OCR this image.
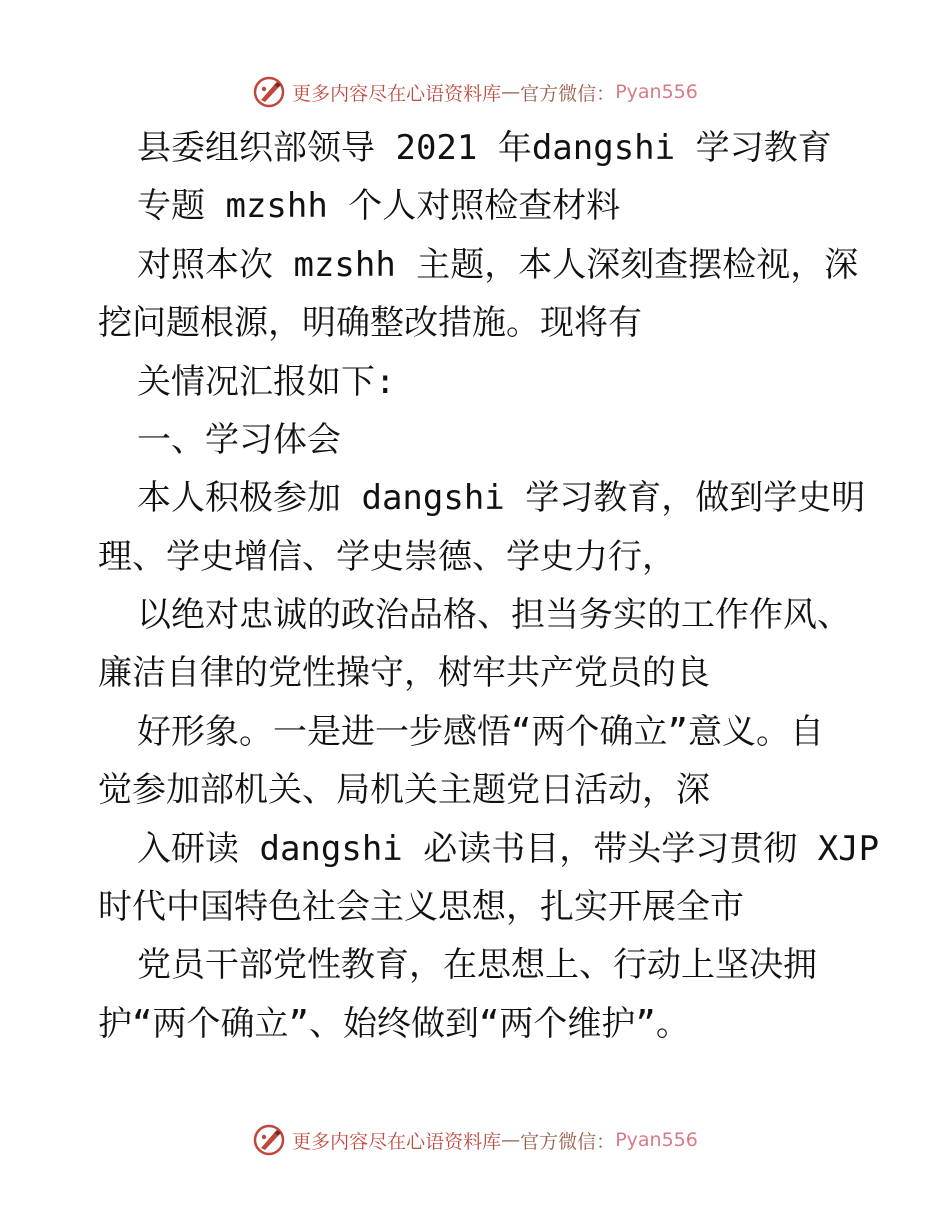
更多内容尽在心语资料库 — 官方微信： Pyan556
县委组织部领导 2021 年dangshi 学习教育
专题 mzshh 个人对照检查材料
对照本次 mzshh 主题，本人深刻查摆检视，深
挖问题根源，明确整改措施。现将有
关情况汇报如下:
一、学习体会
本人积极参加 dangshi 学习教育，做到学史明
理、学史增信、学史崇德、学史力行，
以绝对忠诚的政治品格、担当务实的工作作风、
廉洁自律的党性操守，树牢共产党员的良
好形象。一是进一步感悟“两个确立”意义。自
觉参加部机关、局机关主题党日活动，深
入研读 dangshi 必读书目，带头学习贯彻 XJP
时代中国特色社会主义思想，扎实开展全市
党员干部党性教育，在思想上、行动上坚决拥
护“两个确立”、始终做到“两个维护”。
更多内容尽在心语资料库 — 官方微信： Pyan556
